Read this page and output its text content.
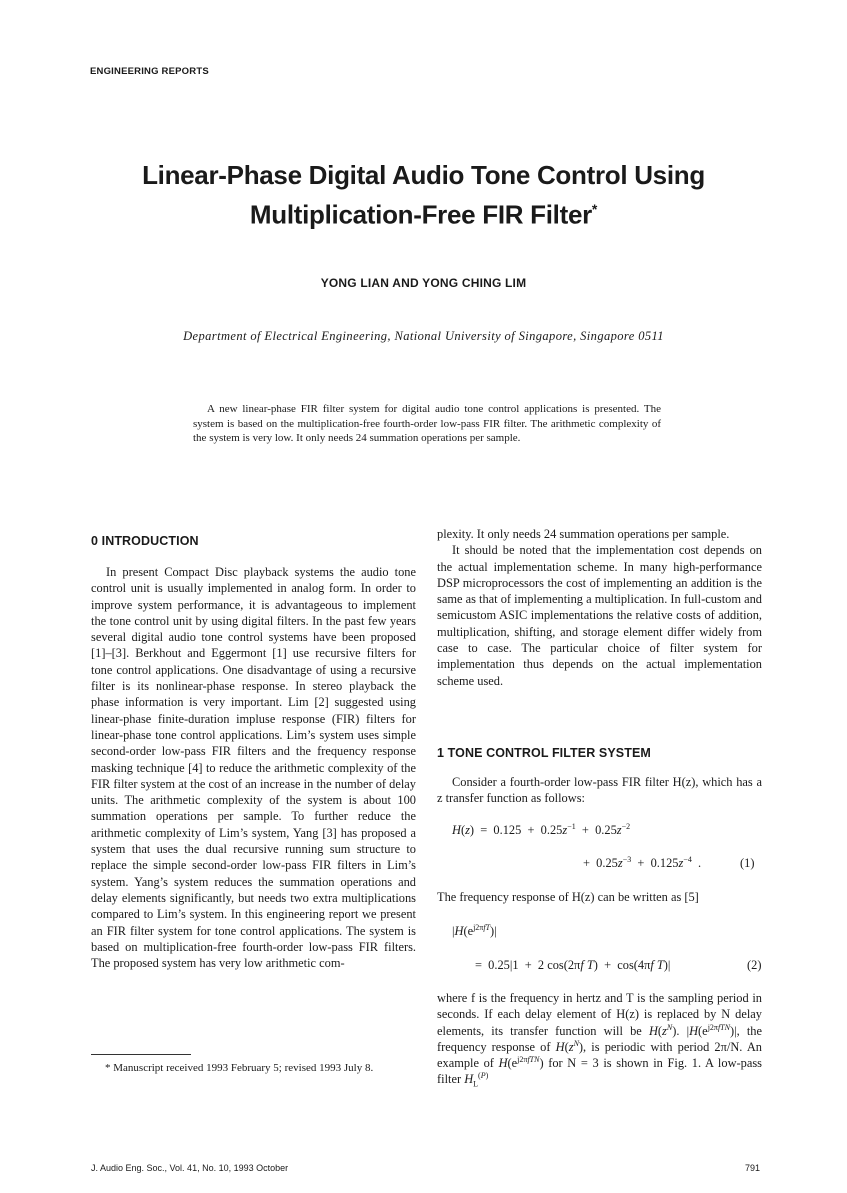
ENGINEERING REPORTS
Linear-Phase Digital Audio Tone Control Using
Multiplication-Free FIR Filter*
YONG LIAN AND YONG CHING LIM
Department of Electrical Engineering, National University of Singapore, Singapore 0511
A new linear-phase FIR filter system for digital audio tone control applications is presented. The system is based on the multiplication-free fourth-order low-pass FIR filter. The arithmetic complexity of the system is very low. It only needs 24 summation operations per sample.
0 INTRODUCTION

In present Compact Disc playback systems the audio tone control unit is usually implemented in analog form. In order to improve system performance, it is advantageous to implement the tone control unit by using digital filters. In the past few years several digital audio tone control systems have been proposed [1]–[3]. Berkhout and Eggermont [1] use recursive filters for tone control applications. One disadvantage of using a recursive filter is its nonlinear-phase response. In stereo playback the phase information is very important. Lim [2] suggested using linear-phase finite-duration impluse response (FIR) filters for linear-phase tone control applications. Lim’s system uses simple second-order low-pass FIR filters and the frequency response masking technique [4] to reduce the arithmetic complexity of the FIR filter system at the cost of an increase in the number of delay units. The arithmetic complexity of the system is about 100 summation operations per sample. To further reduce the arithmetic complexity of Lim’s system, Yang [3] has proposed a system that uses the dual recursive running sum structure to replace the simple second-order low-pass FIR filters in Lim’s system. Yang’s system reduces the summation operations and delay elements significantly, but needs two extra multiplications compared to Lim’s system. In this engineering report we present an FIR filter system for tone control applications. The system is based on multiplication-free fourth-order low-pass FIR filters. The proposed system has very low arithmetic com-

* Manuscript received 1993 February 5; revised 1993 July 8.

plexity. It only needs 24 summation operations per sample.

It should be noted that the implementation cost depends on the actual implementation scheme. In many high-performance DSP microprocessors the cost of implementing an addition is the same as that of implementing a multiplication. In full-custom and semicustom ASIC implementations the relative costs of addition, multiplication, shifting, and storage element differ widely from case to case. The particular choice of filter system for implementation thus depends on the actual implementation scheme used.

1 TONE CONTROL FILTER SYSTEM

Consider a fourth-order low-pass FIR filter H(z), which has a z transfer function as follows:

$H(z) = 0.125 + 0.25z^{-1} + 0.25z^{-2}$
+  $0.25z^{-3} + 0.125z^{-4}$  .	(1)

The frequency response of H(z) can be written as [5]

$|H(e^{j2\pi fT})|$
=  0.25|1  +  2 cos(2πf T)  +  cos(4πf T)|	(2)

where f is the frequency in hertz and T is the sampling period in seconds. If each delay element of H(z) is replaced by N delay elements, its transfer function will be $H(z^N)$. $|H(e^{j2\pi fTN})|$, the frequency response of $H(z^N)$, is periodic with period 2π/N. An example of $H(e^{j2\pi fTN})$ for N = 3 is shown in Fig. 1. A low-pass filter $H_L^{(P)}$

J. Audio Eng. Soc., Vol. 41, No. 10, 1993 October	791
